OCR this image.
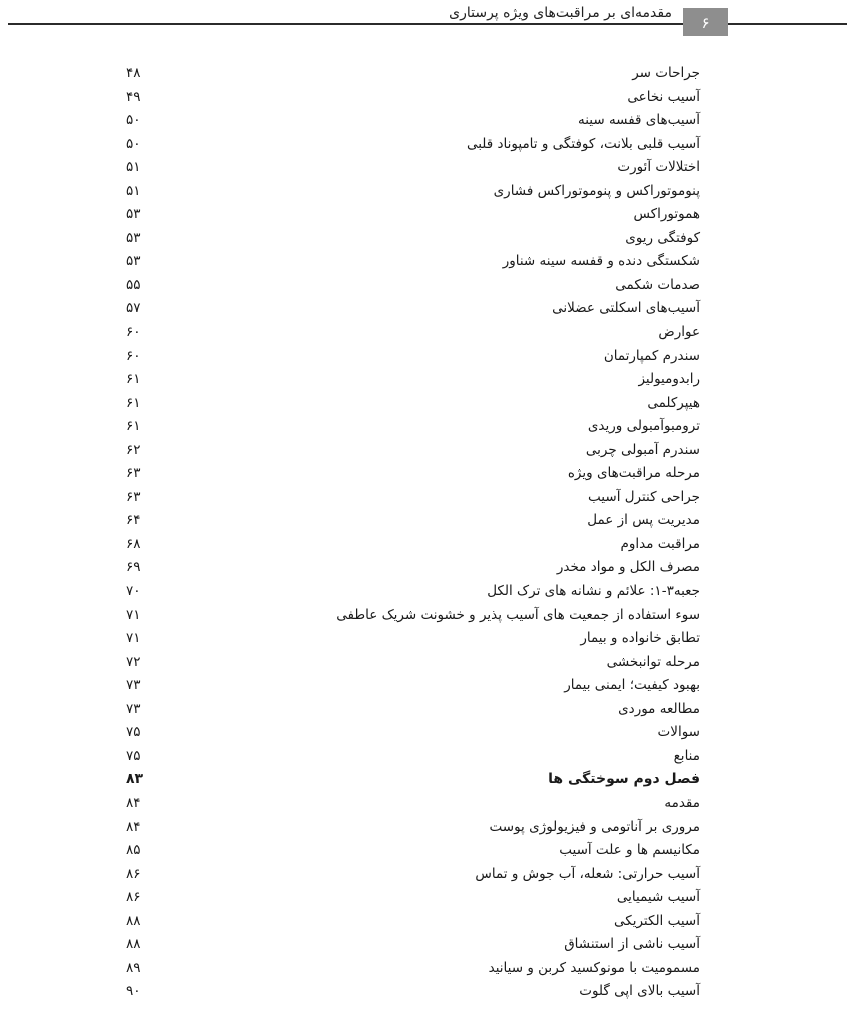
مقدمه‌ای بر مراقبت‌های ویژه پرستاری
۶
جراحات سر
۴۸
آسیب نخاعی
۴۹
آسیب‌های قفسه سینه
۵۰
آسیب قلبی بلانت، کوفتگی و تامپوناد قلبی
۵۰
اختلالات آئورت
۵۱
پنوموتوراکس و پنوموتوراکس فشاری
۵۱
هموتوراکس
۵۳
کوفتگی ریوی
۵۳
شکستگی دنده و قفسه سینه شناور
۵۳
صدمات شکمی
۵۵
آسیب‌های اسکلتی عضلانی
۵۷
عوارض
۶۰
سندرم کمپارتمان
۶۰
رابدومیولیز
۶۱
هیپرکلمی
۶۱
ترومبوآمبولی وریدی
۶۱
سندرم آمبولی چربی
۶۲
مرحله مراقبت‌های ویژه
۶۳
جراحی کنترل آسیب
۶۳
مدیریت پس از عمل
۶۴
مراقبت مداوم
۶۸
مصرف الکل و مواد مخدر
۶۹
جعبه۳-۱: علائم و نشانه های ترک الکل
۷۰
سوء استفاده از جمعیت های آسیب پذیر و خشونت شریک عاطفی
۷۱
تطابق خانواده و بیمار
۷۱
مرحله توانبخشی
۷۲
بهبود کیفیت؛ ایمنی بیمار
۷۳
مطالعه موردی
۷۳
سوالات
۷۵
منابع
۷۵
فصل دوم سوختگی ها
۸۳
مقدمه
۸۴
مروری بر آناتومی و فیزیولوژی پوست
۸۴
مکانیسم ها و علت آسیب
۸۵
آسیب حرارتی: شعله، آب جوش و تماس
۸۶
آسیب شیمیایی
۸۶
آسیب الکتریکی
۸۸
آسیب ناشی از استنشاق
۸۸
مسمومیت با مونوکسید کربن و سیانید
۸۹
آسیب بالای اپی گلوت
۹۰
